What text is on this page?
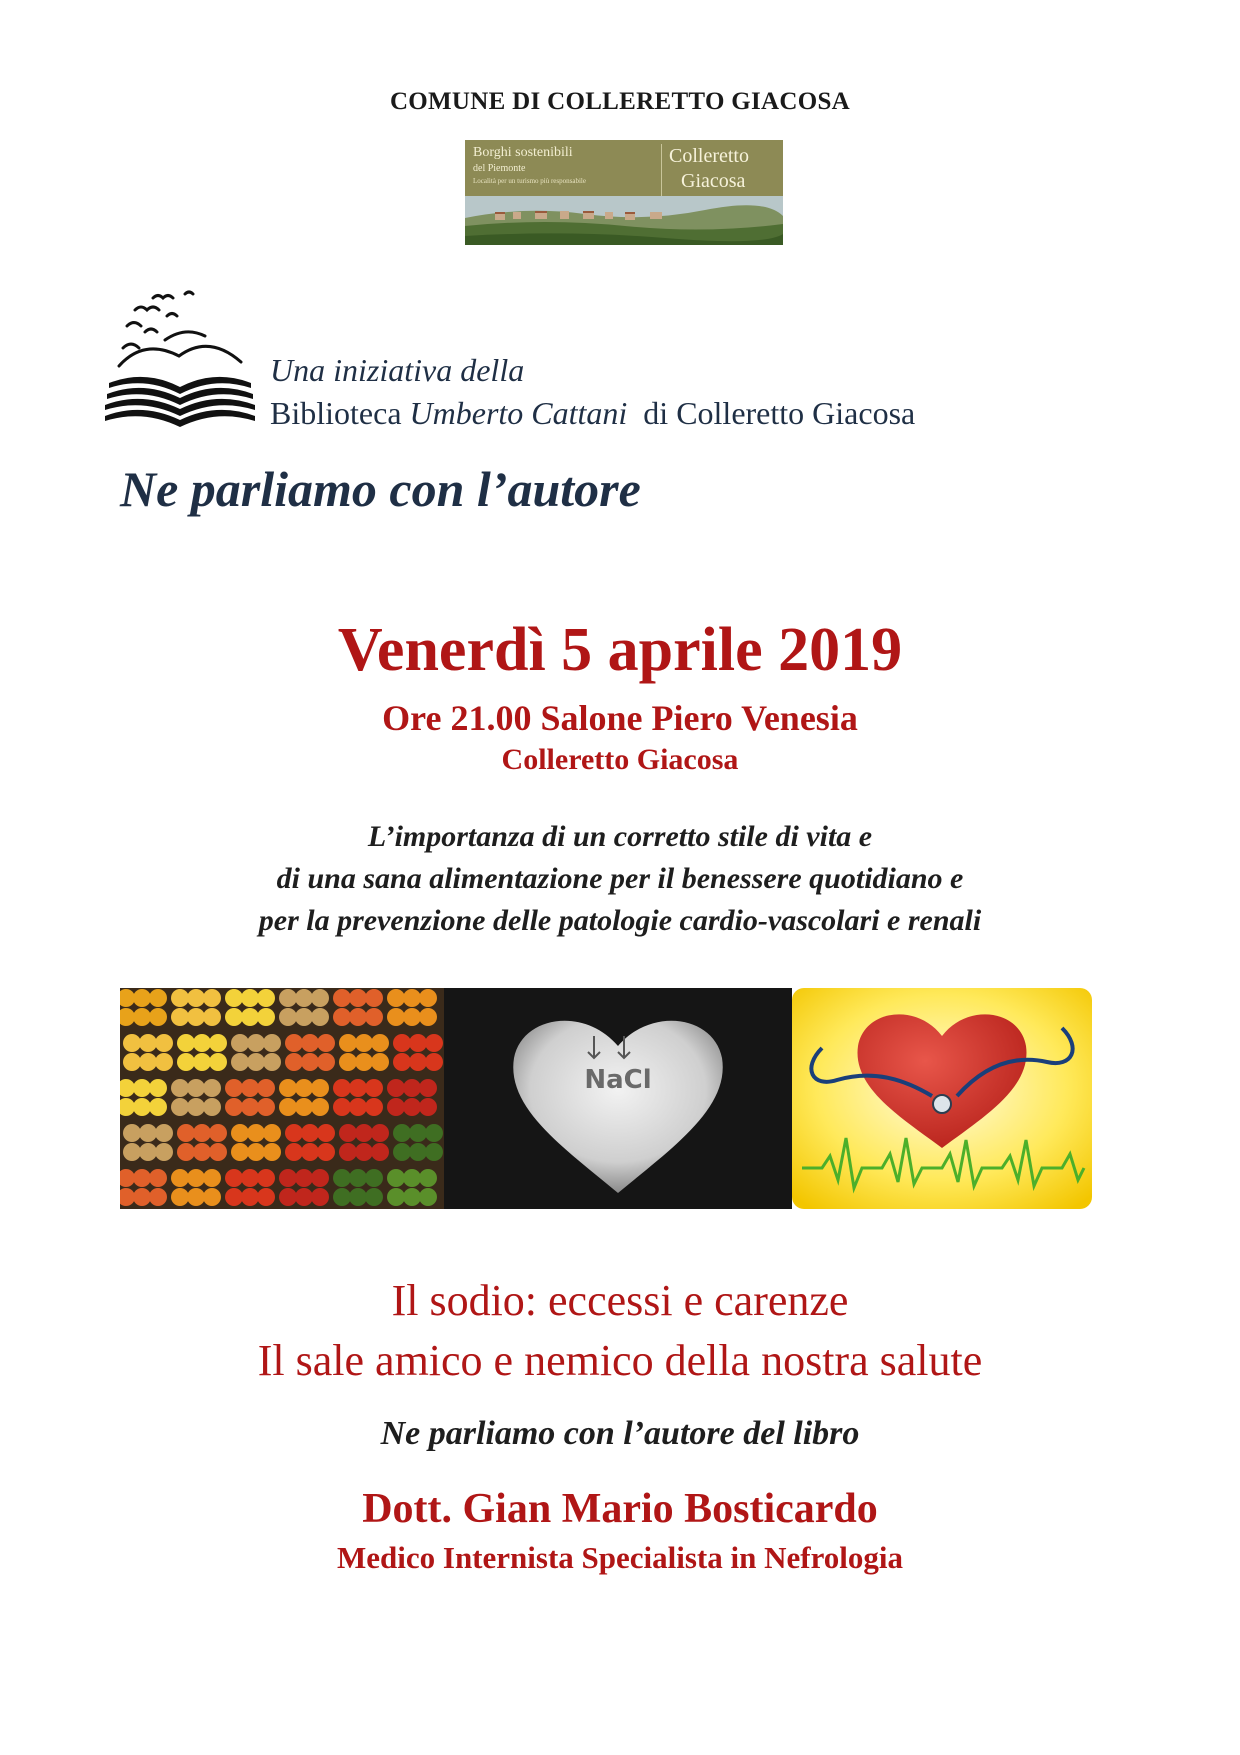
COMUNE DI COLLERETTO GIACOSA
Borghi sostenibili
del Piemonte
Località per un turismo più responsabile
Colleretto
Giacosa
Una iniziativa della
Biblioteca Umberto Cattani di Colleretto Giacosa
Ne parliamo con l’autore
Venerdì 5 aprile 2019
Ore 21.00 Salone Piero Venesia
Colleretto Giacosa
L’importanza di un corretto stile di vita e
di una sana alimentazione per il benessere quotidiano e
per la prevenzione delle patologie cardio-vascolari e renali
NaCl
Il sodio: eccessi e carenze
Il sale amico e nemico della nostra salute
Ne parliamo con l’autore del libro
Dott. Gian Mario Bosticardo
Medico Internista Specialista in Nefrologia
